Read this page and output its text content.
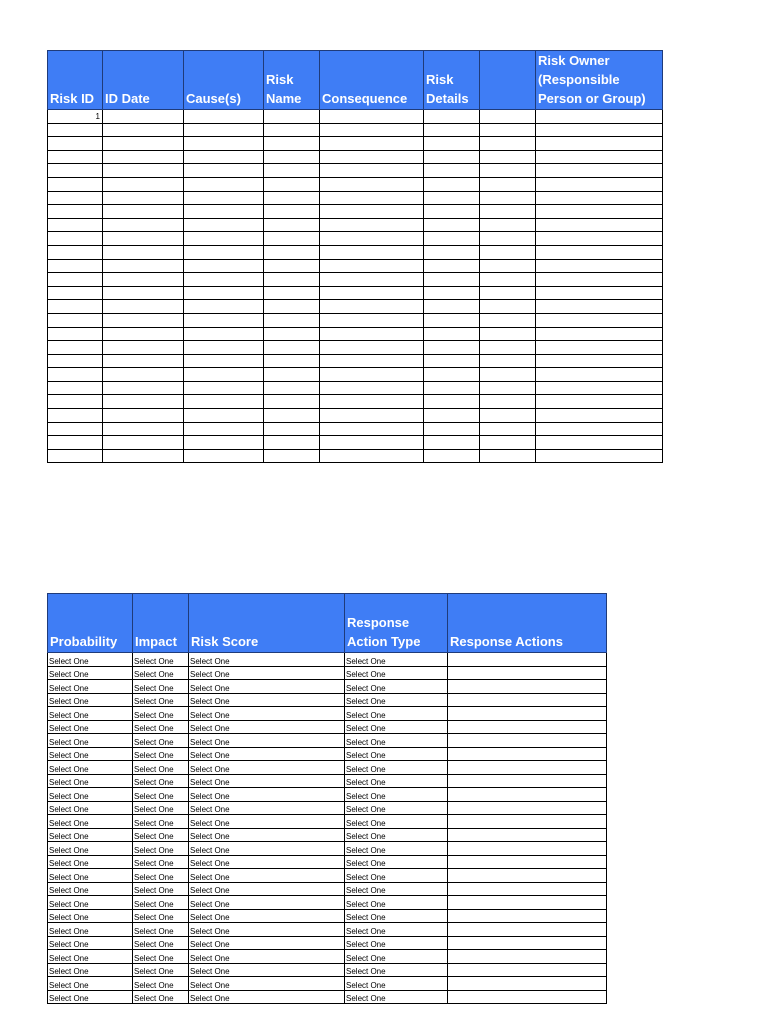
Risk ID	ID Date	Cause(s)	Risk Name	Consequence	Risk Details		Risk Owner (Responsible Person or Group)
1							

Probability	Impact	Risk Score	Response Action Type	Response Actions
Select One	Select One	Select One	Select One	
Select One	Select One	Select One	Select One	
Select One	Select One	Select One	Select One	
Select One	Select One	Select One	Select One	
Select One	Select One	Select One	Select One	
Select One	Select One	Select One	Select One	
Select One	Select One	Select One	Select One	
Select One	Select One	Select One	Select One	
Select One	Select One	Select One	Select One	
Select One	Select One	Select One	Select One	
Select One	Select One	Select One	Select One	
Select One	Select One	Select One	Select One	
Select One	Select One	Select One	Select One	
Select One	Select One	Select One	Select One	
Select One	Select One	Select One	Select One	
Select One	Select One	Select One	Select One	
Select One	Select One	Select One	Select One	
Select One	Select One	Select One	Select One	
Select One	Select One	Select One	Select One	
Select One	Select One	Select One	Select One	
Select One	Select One	Select One	Select One	
Select One	Select One	Select One	Select One	
Select One	Select One	Select One	Select One	
Select One	Select One	Select One	Select One	
Select One	Select One	Select One	Select One	
Select One	Select One	Select One	Select One	
